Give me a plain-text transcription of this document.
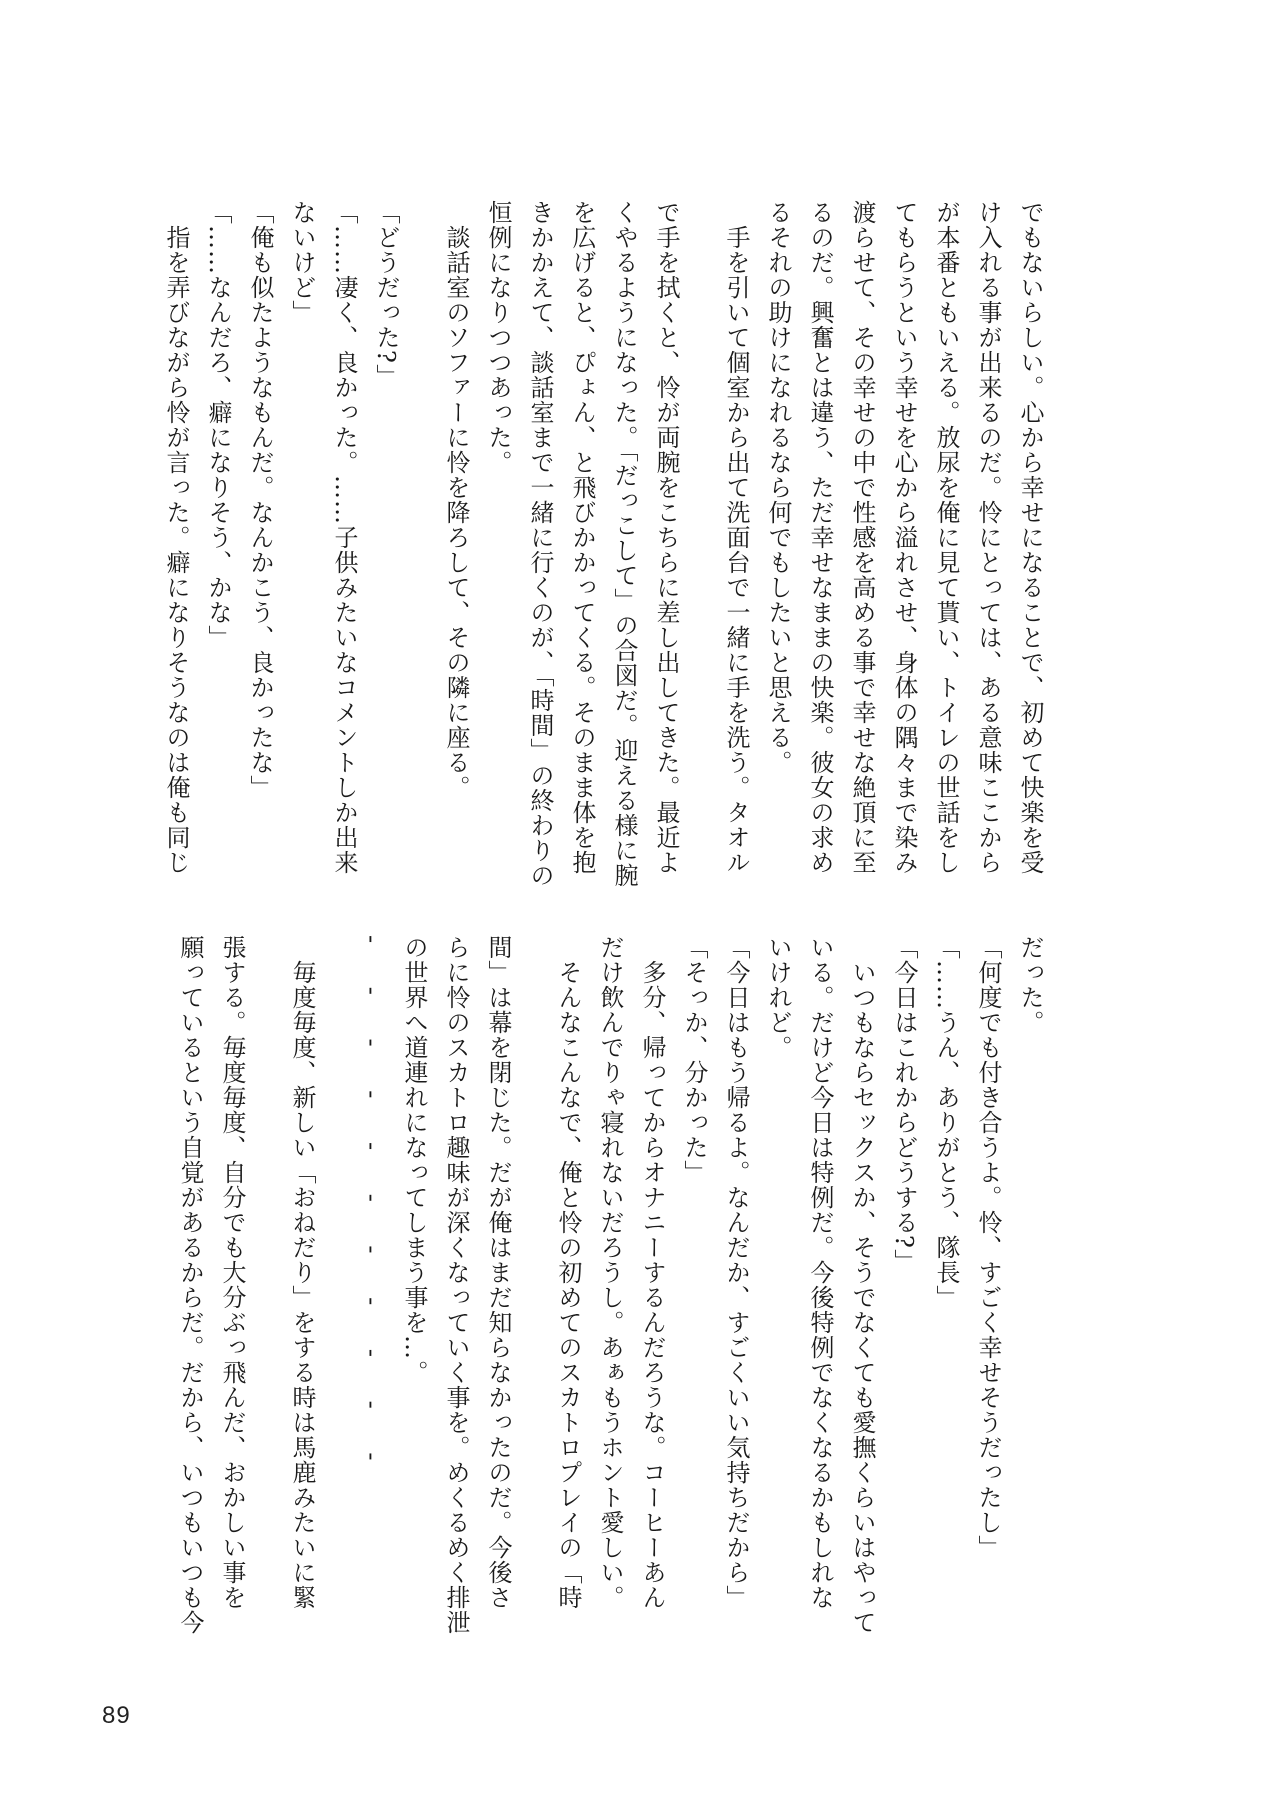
でもないらしい。心から幸せになることで、初めて快楽を受
け入れる事が出来るのだ。怜にとっては、ある意味ここから
が本番ともいえる。放尿を俺に見て貰い、トイレの世話をし
てもらうという幸せを心から溢れさせ、身体の隅々まで染み
渡らせて、その幸せの中で性感を高める事で幸せな絶頂に至
るのだ。興奮とは違う、ただ幸せなままの快楽。彼女の求め
るそれの助けになれるなら何でもしたいと思える。
　手を引いて個室から出て洗面台で一緒に手を洗う。タオル
で手を拭くと、怜が両腕をこちらに差し出してきた。最近よ
くやるようになった。「だっこして」の合図だ。迎える様に腕
を広げると、ぴょん、と飛びかかってくる。そのまま体を抱
きかかえて、談話室まで一緒に行くのが、「時間」の終わりの
恒例になりつつあった。
　談話室のソファーに怜を降ろして、その隣に座る。
「どうだった?」
「……凄く、良かった。……子供みたいなコメントしか出来
ないけど」
「俺も似たようなもんだ。なんかこう、良かったな」
「……なんだろ、癖になりそう、かな」
　指を弄びながら怜が言った。癖になりそうなのは俺も同じ
だった。
「何度でも付き合うよ。怜、すごく幸せそうだったし」
「……うん、ありがとう、隊長」
「今日はこれからどうする?」
　いつもならセックスか、そうでなくても愛撫くらいはやって
いる。だけど今日は特例だ。今後特例でなくなるかもしれな
いけれど。
「今日はもう帰るよ。なんだか、すごくいい気持ちだから」
「そっか、分かった」
　多分、帰ってからオナニーするんだろうな。コーヒーあん
だけ飲んでりゃ寝れないだろうし。あぁもうホント愛しい。
　そんなこんなで、俺と怜の初めてのスカトロプレイの「時
間」は幕を閉じた。だが俺はまだ知らなかったのだ。今後さ
らに怜のスカトロ趣味が深くなっていく事を。めくるめく排泄
の世界へ道連れになってしまう事を…。
- - - - - - - - - - -
　毎度毎度、新しい「おねだり」をする時は馬鹿みたいに緊
張する。毎度毎度、自分でも大分ぶっ飛んだ、おかしい事を
願っているという自覚があるからだ。だから、いつもいつも今
89
